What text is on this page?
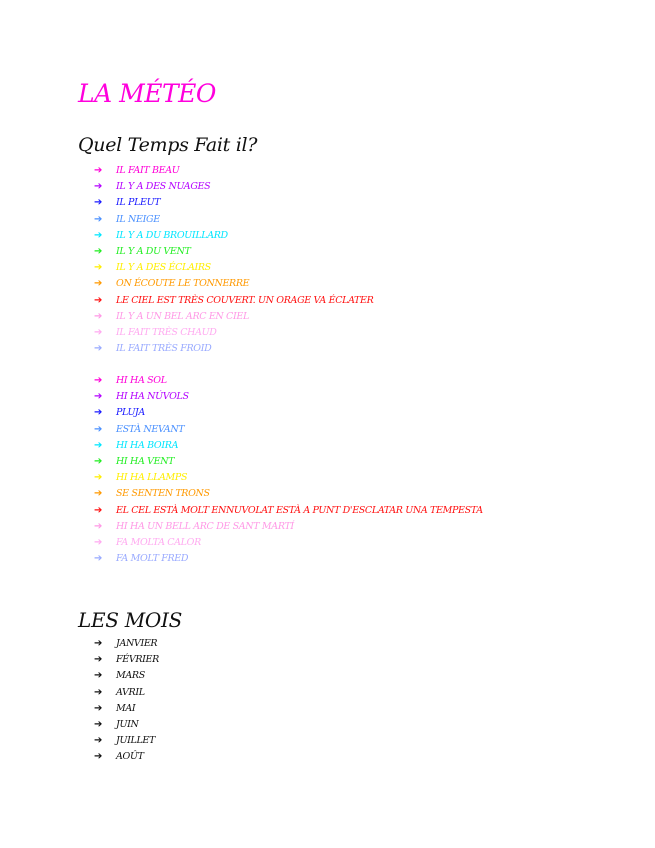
LA MÉTÉO
Quel Temps Fait il?
➔ IL FAIT BEAU
➔ IL Y A DES NUAGES
➔ IL PLEUT
➔ IL NEIGE
➔ IL Y A DU BROUILLARD
➔ IL Y A DU VENT
➔ IL Y A DES ÉCLAIRS
➔ ON ÉCOUTE LE TONNERRE
➔ LE CIEL EST TRÈS COUVERT. UN ORAGE VA ÉCLATER
➔ IL Y A UN BEL ARC EN CIEL
➔ IL FAIT TRÈS CHAUD
➔ IL FAIT TRÈS FROID
➔ HI HA SOL
➔ HI HA NÚVOLS
➔ PLUJA
➔ ESTÀ NEVANT
➔ HI HA BOIRA
➔ HI HA VENT
➔ HI HA LLAMPS
➔ SE SENTEN TRONS
➔ EL CEL ESTÀ MOLT ENNUVOLAT ESTÀ A PUNT D'ESCLATAR UNA TEMPESTA
➔ HI HA UN BELL ARC DE SANT MARTÍ
➔ FA MOLTA CALOR
➔ FA MOLT FRED
LES MOIS
➔ JANVIER
➔ FÉVRIER
➔ MARS
➔ AVRIL
➔ MAI
➔ JUIN
➔ JUILLET
➔ AOÛT
